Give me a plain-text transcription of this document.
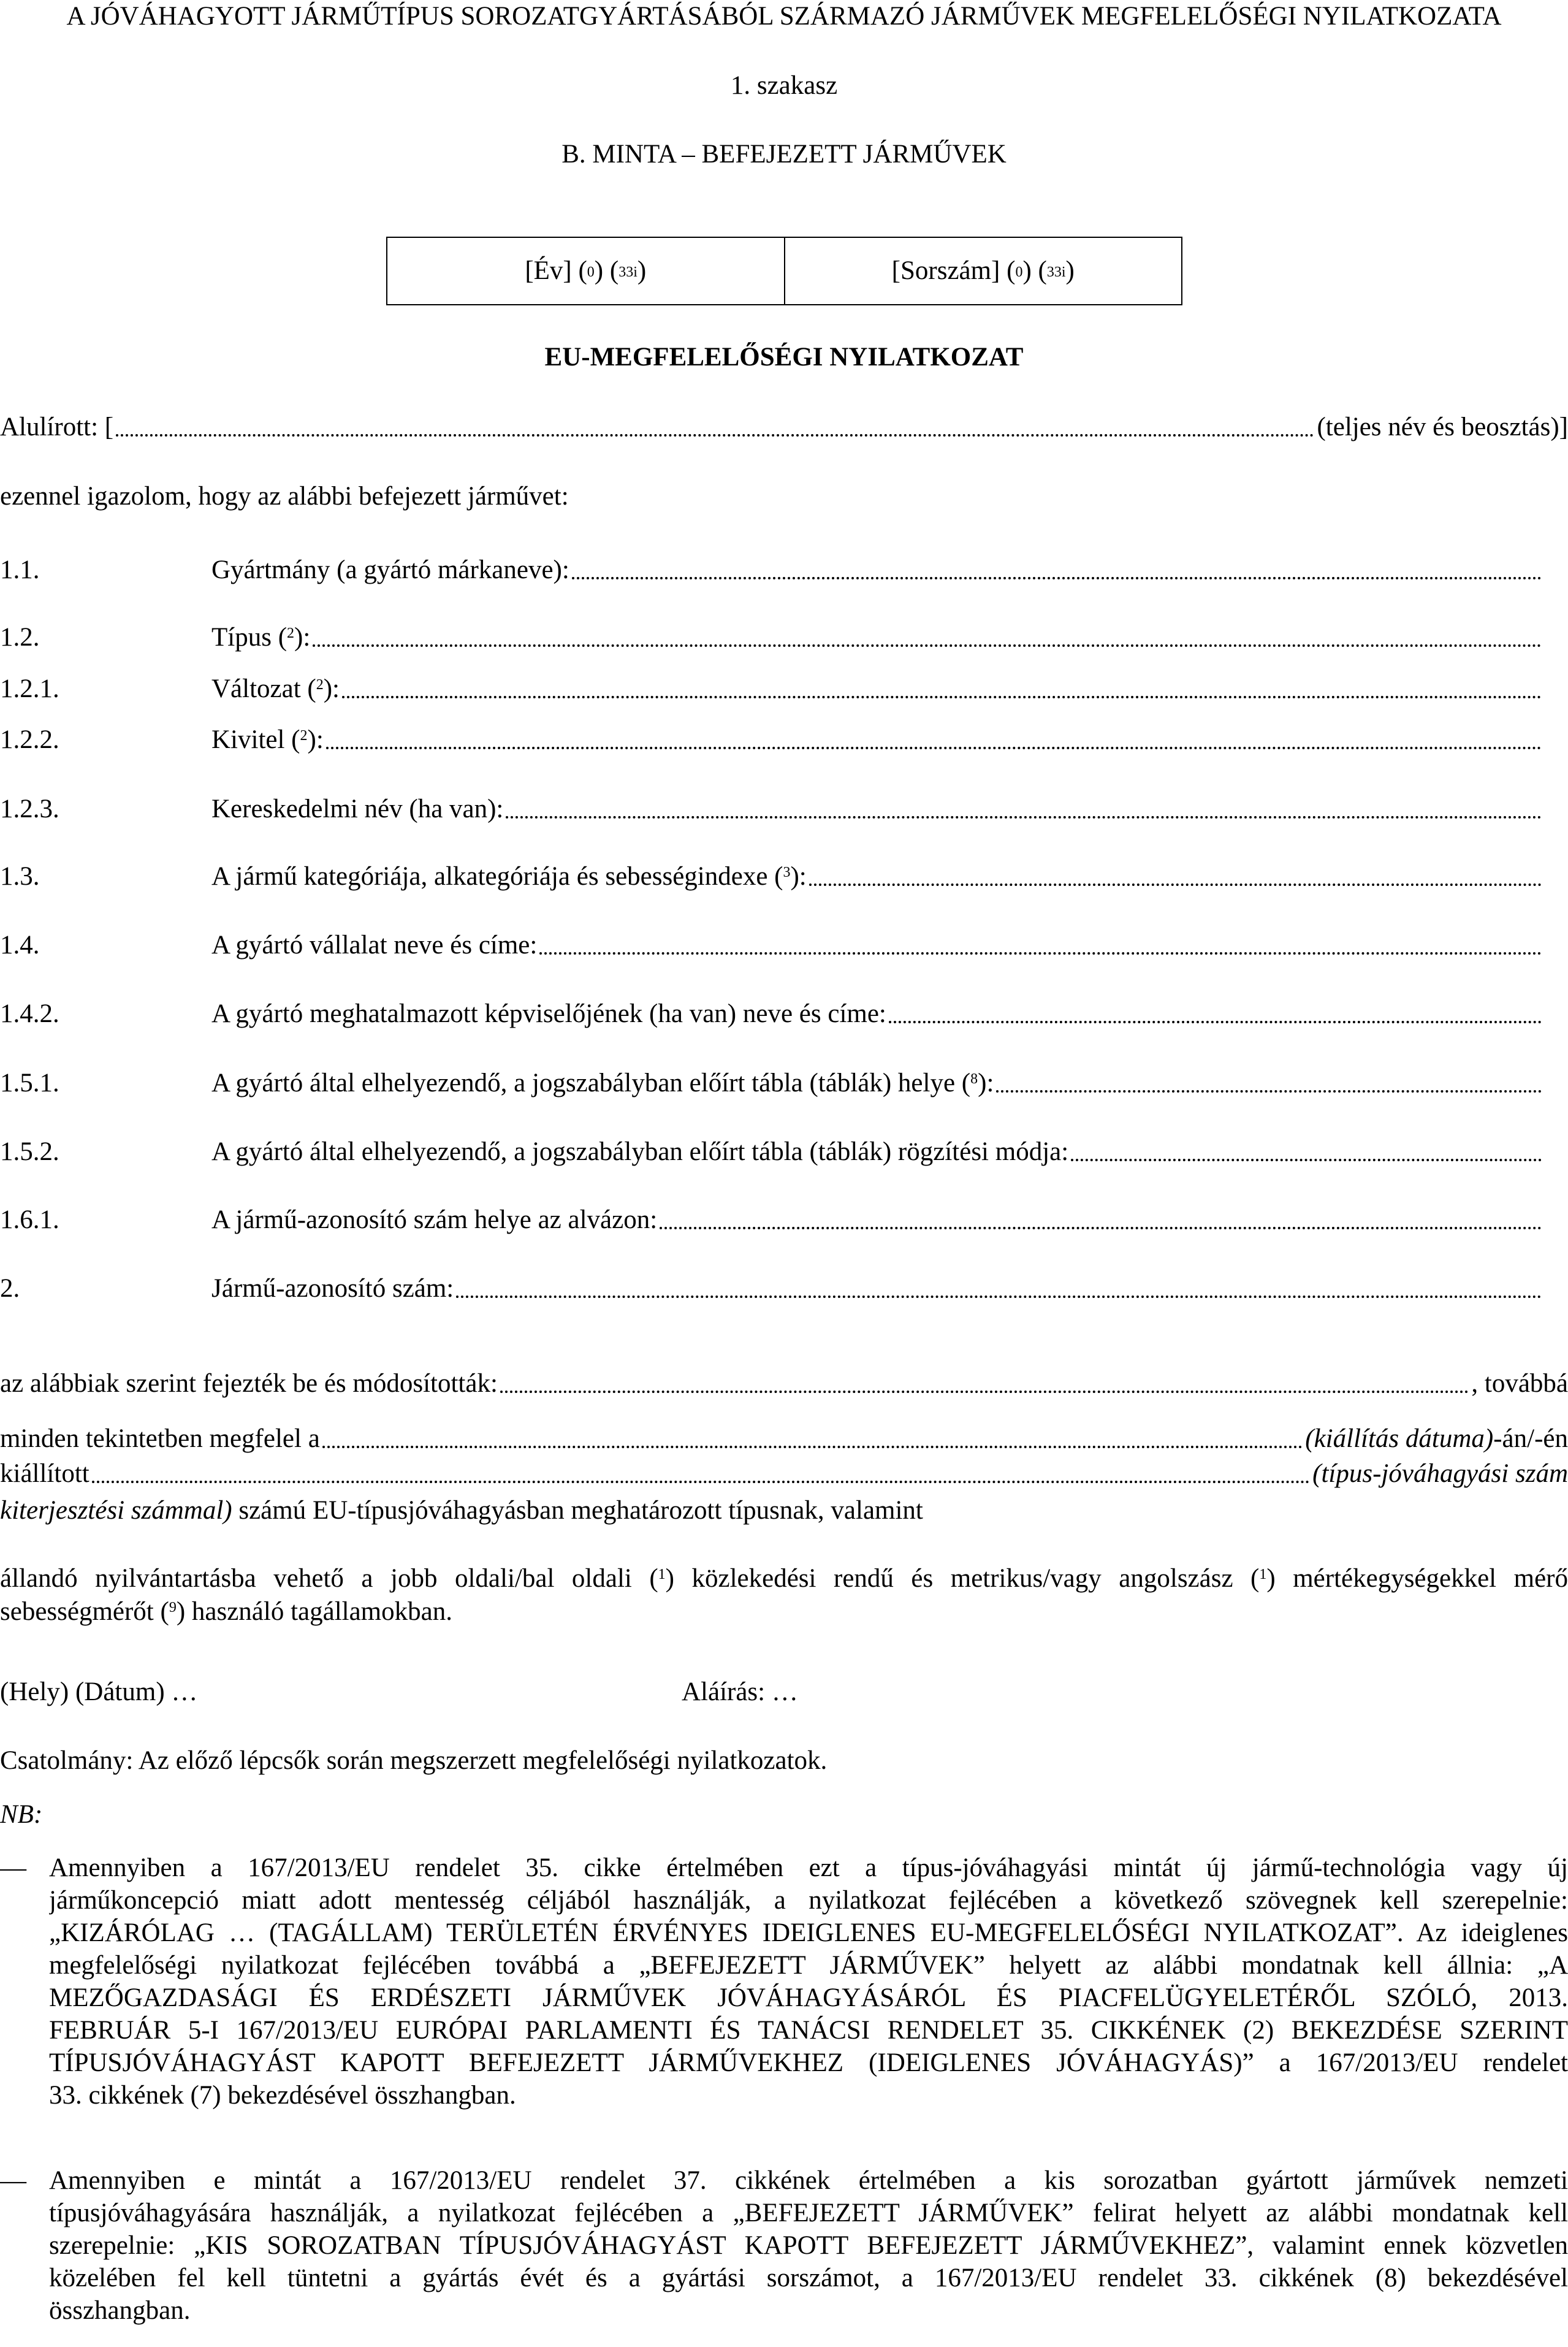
A JÓVÁHAGYOTT JÁRMŰTÍPUS SOROZATGYÁRTÁSÁBÓL SZÁRMAZÓ JÁRMŰVEK MEGFELELŐSÉGI NYILATKOZATA
1. szakasz
B. MINTA – BEFEJEZETT JÁRMŰVEK
[Év] ($^0$ ) ($^{33i}$ )	[Sorszám] ($^0$ ) ($^{33i}$ )
EU-MEGFELELŐSÉGI NYILATKOZAT
Alulírott: [	(teljes név és beosztás)]
ezennel igazolom, hogy az alábbi befejezett járművet:
1.1.	Gyártmány (a gyártó márkaneve):
1.2.	Típus ($^2$):
1.2.1.	Változat ($^2$):
1.2.2.	Kivitel ($^2$):
1.2.3.	Kereskedelmi név (ha van):
1.3.	A jármű kategóriája, alkategóriája és sebességindexe ($^3$):
1.4.	A gyártó vállalat neve és címe:
1.4.2.	A gyártó meghatalmazott képviselőjének (ha van) neve és címe:
1.5.1.	A gyártó által elhelyezendő, a jogszabályban előírt tábla (táblák) helye ($^8$):
1.5.2.	A gyártó által elhelyezendő, a jogszabályban előírt tábla (táblák) rögzítési módja:
1.6.1.	A jármű-azonosító szám helye az alvázon:
2.	Jármű-azonosító szám:
az alábbiak szerint fejezték be és módosították:	, továbbá
minden tekintetben megfelel a	(kiállítás dátuma)-án/-én
kiállított	(típus-jóváhagyási szám
kiterjesztési számmal) számú EU-típusjóváhagyásban meghatározott típusnak, valamint
állandó nyilvántartásba vehető a jobb oldali/bal oldali ($^1$) közlekedési rendű és metrikus/vagy angolszász ($^1$) mértékegységekkel mérő
sebességmérőt ($^9$) használó tagállamokban.
(Hely) (Dátum) …	Aláírás: …
Csatolmány: Az előző lépcsők során megszerzett megfelelőségi nyilatkozatok.
NB:
— Amennyiben a 167/2013/EU rendelet 35. cikke értelmében ezt a típus-jóváhagyási mintát új jármű-technológia vagy új
járműkoncepció miatt adott mentesség céljából használják, a nyilatkozat fejlécében a következő szövegnek kell szerepelnie:
„KIZÁRÓLAG … (TAGÁLLAM) TERÜLETÉN ÉRVÉNYES IDEIGLENES EU-MEGFELELŐSÉGI NYILATKOZAT”. Az ideiglenes
megfelelőségi nyilatkozat fejlécében továbbá a „BEFEJEZETT JÁRMŰVEK” helyett az alábbi mondatnak kell állnia: „A
MEZŐGAZDASÁGI ÉS ERDÉSZETI JÁRMŰVEK JÓVÁHAGYÁSÁRÓL ÉS PIACFELÜGYELETÉRŐL SZÓLÓ, 2013.
FEBRUÁR 5-I 167/2013/EU EURÓPAI PARLAMENTI ÉS TANÁCSI RENDELET 35. CIKKÉNEK (2) BEKEZDÉSE SZERINT
TÍPUSJÓVÁHAGYÁST KAPOTT BEFEJEZETT JÁRMŰVEKHEZ (IDEIGLENES JÓVÁHAGYÁS)” a 167/2013/EU rendelet
33. cikkének (7) bekezdésével összhangban.
— Amennyiben e mintát a 167/2013/EU rendelet 37. cikkének értelmében a kis sorozatban gyártott járművek nemzeti
típusjóváhagyására használják, a nyilatkozat fejlécében a „BEFEJEZETT JÁRMŰVEK” felirat helyett az alábbi mondatnak kell
szerepelnie: „KIS SOROZATBAN TÍPUSJÓVÁHAGYÁST KAPOTT BEFEJEZETT JÁRMŰVEKHEZ”, valamint ennek közvetlen
közelében fel kell tüntetni a gyártás évét és a gyártási sorszámot, a 167/2013/EU rendelet 33. cikkének (8) bekezdésével
összhangban.
